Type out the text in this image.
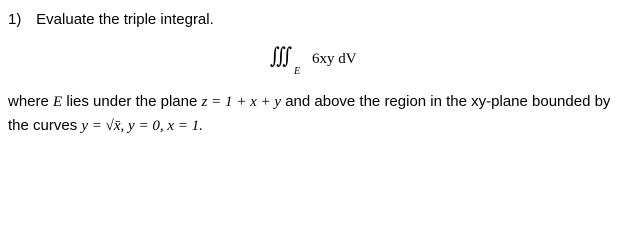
1) Evaluate the triple integral.
∭
E
6xy dV
where E lies under the plane z = 1 + x + y and above the region in the xy-plane bounded by
the curves y = √x̄, y = 0, x = 1.
